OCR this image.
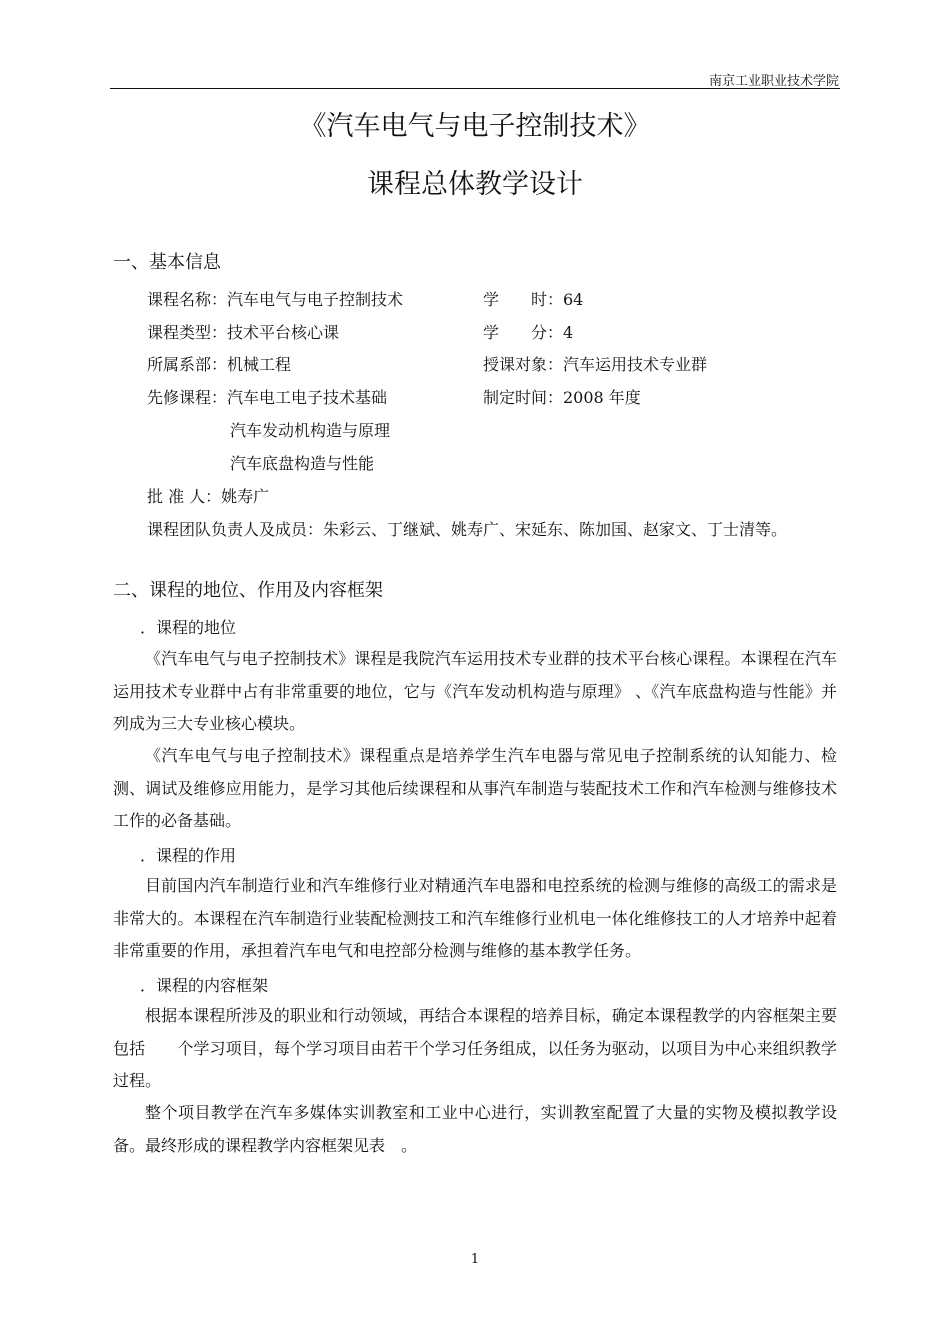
南京工业职业技术学院
《汽车电气与电子控制技术》
课程总体教学设计
一、基本信息
课程名称：汽车电气与电子控制技术
课程类型：技术平台核心课
所属系部：机械工程
先修课程：汽车电工电子技术基础
学　　时：64
学　　分：4
授课对象：汽车运用技术专业群
制定时间：2008 年度
汽车发动机构造与原理
汽车底盘构造与性能
批 准 人：姚寿广
课程团队负责人及成员：朱彩云、丁继斌、姚寿广、宋延东、陈加国、赵家文、丁士清等。
二、课程的地位、作用及内容框架
．课程的地位
《汽车电气与电子控制技术》课程是我院汽车运用技术专业群的技术平台核心课程。本课程在汽车运用技术专业群中占有非常重要的地位，它与《汽车发动机构造与原理》 、《汽车底盘构造与性能》并列成为三大专业核心模块。
《汽车电气与电子控制技术》课程重点是培养学生汽车电器与常见电子控制系统的认知能力、检测、调试及维修应用能力，是学习其他后续课程和从事汽车制造与装配技术工作和汽车检测与维修技术工作的必备基础。
．课程的作用
目前国内汽车制造行业和汽车维修行业对精通汽车电器和电控系统的检测与维修的高级工的需求是非常大的。本课程在汽车制造行业装配检测技工和汽车维修行业机电一体化维修技工的人才培养中起着非常重要的作用，承担着汽车电气和电控部分检测与维修的基本教学任务。
．课程的内容框架
根据本课程所涉及的职业和行动领域，再结合本课程的培养目标，确定本课程教学的内容框架主要包括　　个学习项目，每个学习项目由若干个学习任务组成，以任务为驱动，以项目为中心来组织教学过程。
整个项目教学在汽车多媒体实训教室和工业中心进行，实训教室配置了大量的实物及模拟教学设备。最终形成的课程教学内容框架见表　。
1
